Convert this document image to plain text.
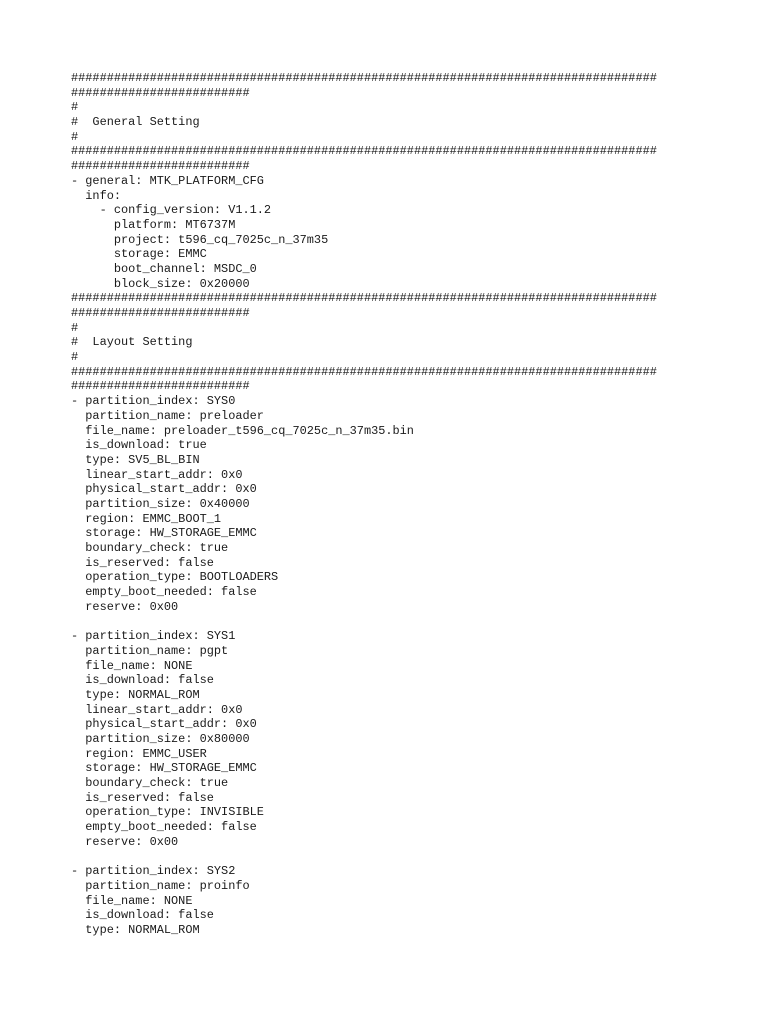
##################################################################################
#########################
#
#  General Setting
#
##################################################################################
#########################
- general: MTK_PLATFORM_CFG
info:
- config_version: V1.1.2
platform: MT6737M
project: t596_cq_7025c_n_37m35
storage: EMMC
boot_channel: MSDC_0
block_size: 0x20000
##################################################################################
#########################
#
#  Layout Setting
#
##################################################################################
#########################
- partition_index: SYS0
partition_name: preloader
file_name: preloader_t596_cq_7025c_n_37m35.bin
is_download: true
type: SV5_BL_BIN
linear_start_addr: 0x0
physical_start_addr: 0x0
partition_size: 0x40000
region: EMMC_BOOT_1
storage: HW_STORAGE_EMMC
boundary_check: true
is_reserved: false
operation_type: BOOTLOADERS
empty_boot_needed: false
reserve: 0x00
- partition_index: SYS1
partition_name: pgpt
file_name: NONE
is_download: false
type: NORMAL_ROM
linear_start_addr: 0x0
physical_start_addr: 0x0
partition_size: 0x80000
region: EMMC_USER
storage: HW_STORAGE_EMMC
boundary_check: true
is_reserved: false
operation_type: INVISIBLE
empty_boot_needed: false
reserve: 0x00
- partition_index: SYS2
partition_name: proinfo
file_name: NONE
is_download: false
type: NORMAL_ROM
